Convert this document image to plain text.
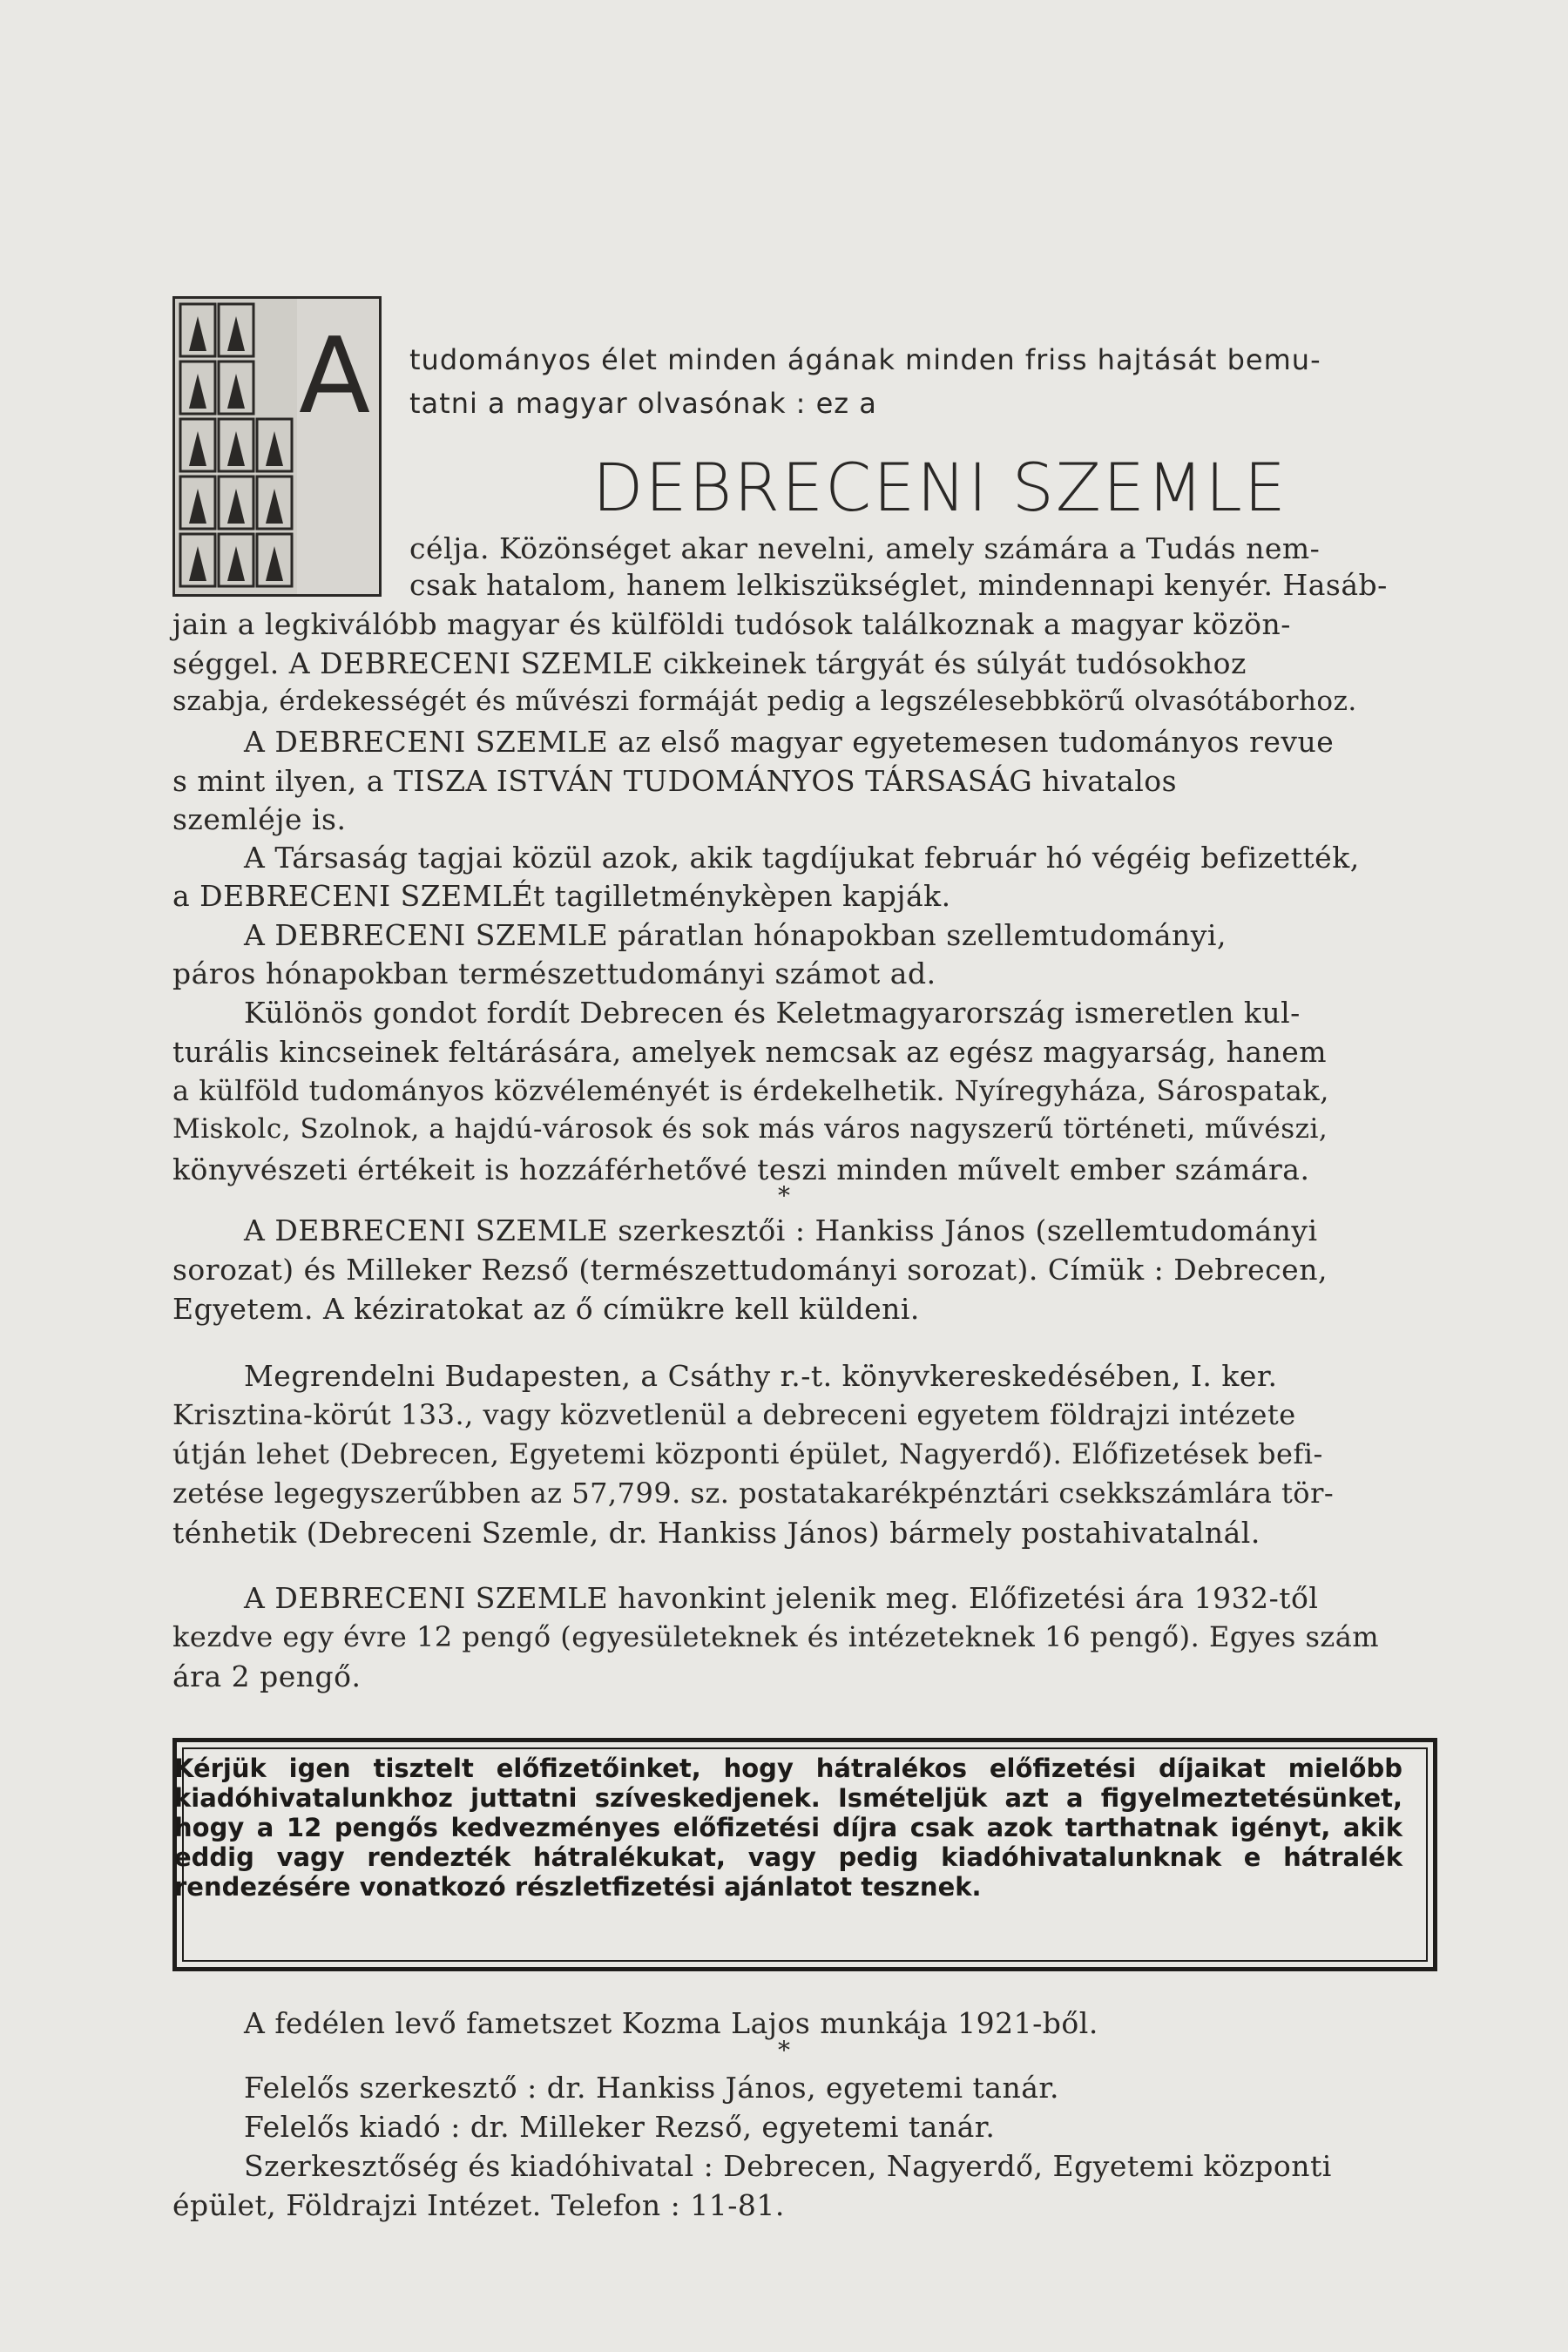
A tudományos élet minden ágának minden friss hajtását bemu-
tatni a magyar olvasónak : ez a
DEBRECENI SZEMLE
célja. Közönséget akar nevelni, amely számára a Tudás nem-
csak hatalom, hanem lelkiszükséglet, mindennapi kenyér. Hasáb-
jain a legkiválóbb magyar és külföldi tudósok találkoznak a magyar közön-
séggel. A DEBRECENI SZEMLE cikkeinek tárgyát és súlyát tudósokhoz
szabja, érdekességét és művészi formáját pedig a legszélesebbkörű olvasótáborhoz.
A DEBRECENI SZEMLE az első magyar egyetemesen tudományos revue
s mint ilyen, a TISZA ISTVÁN TUDOMÁNYOS TÁRSASÁG hivatalos
szemléje is.
A Társaság tagjai közül azok, akik tagdíjukat február hó végéig befizették,
a DEBRECENI SZEMLÉt tagilletménykèpen kapják.
A DEBRECENI SZEMLE páratlan hónapokban szellemtudományi,
páros hónapokban természettudományi számot ad.
Különös gondot fordít Debrecen és Keletmagyarország ismeretlen kul-
turális kincseinek feltárására, amelyek nemcsak az egész magyarság, hanem
a külföld tudományos közvéleményét is érdekelhetik. Nyíregyháza, Sárospatak,
Miskolc, Szolnok, a hajdú-városok és sok más város nagyszerű történeti, művészi,
könyvészeti értékeit is hozzáférhetővé teszi minden művelt ember számára.
*
A DEBRECENI SZEMLE szerkesztői : Hankiss János (szellemtudományi
sorozat) és Milleker Rezső (természettudományi sorozat). Címük : Debrecen,
Egyetem. A kéziratokat az ő címükre kell küldeni.
Megrendelni Budapesten, a Csáthy r.-t. könyvkereskedésében, I. ker.
Krisztina-körút 133., vagy közvetlenül a debreceni egyetem földrajzi intézete
útján lehet (Debrecen, Egyetemi központi épület, Nagyerdő). Előfizetések befi-
zetése legegyszerűbben az 57,799. sz. postatakarékpénztári csekkszámlára tör-
ténhetik (Debreceni Szemle, dr. Hankiss János) bármely postahivatalnál.
A DEBRECENI SZEMLE havonkint jelenik meg. Előfizetési ára 1932-től
kezdve egy évre 12 pengő (egyesületeknek és intézeteknek 16 pengő). Egyes szám
ára 2 pengő.
Kérjük igen tisztelt előfizetőinket, hogy hátralékos előfizetési díjaikat mielőbb kiadóhivatalunkhoz juttatni szíveskedjenek. Ismételjük azt a figyelmeztetésünket, hogy a 12 pengős kedvezményes előfizetési díjra csak azok tarthatnak igényt, akik eddig vagy rendezték hátralékukat, vagy pedig kiadóhivatalunknak e hátralék rendezésére vonatkozó részletfizetési ajánlatot tesznek.
A fedélen levő fametszet Kozma Lajos munkája 1921-ből.
*
Felelős szerkesztő : dr. Hankiss János, egyetemi tanár.
Felelős kiadó : dr. Milleker Rezső, egyetemi tanár.
Szerkesztőség és kiadóhivatal : Debrecen, Nagyerdő, Egyetemi központi
épület, Földrajzi Intézet. Telefon : 11-81.
